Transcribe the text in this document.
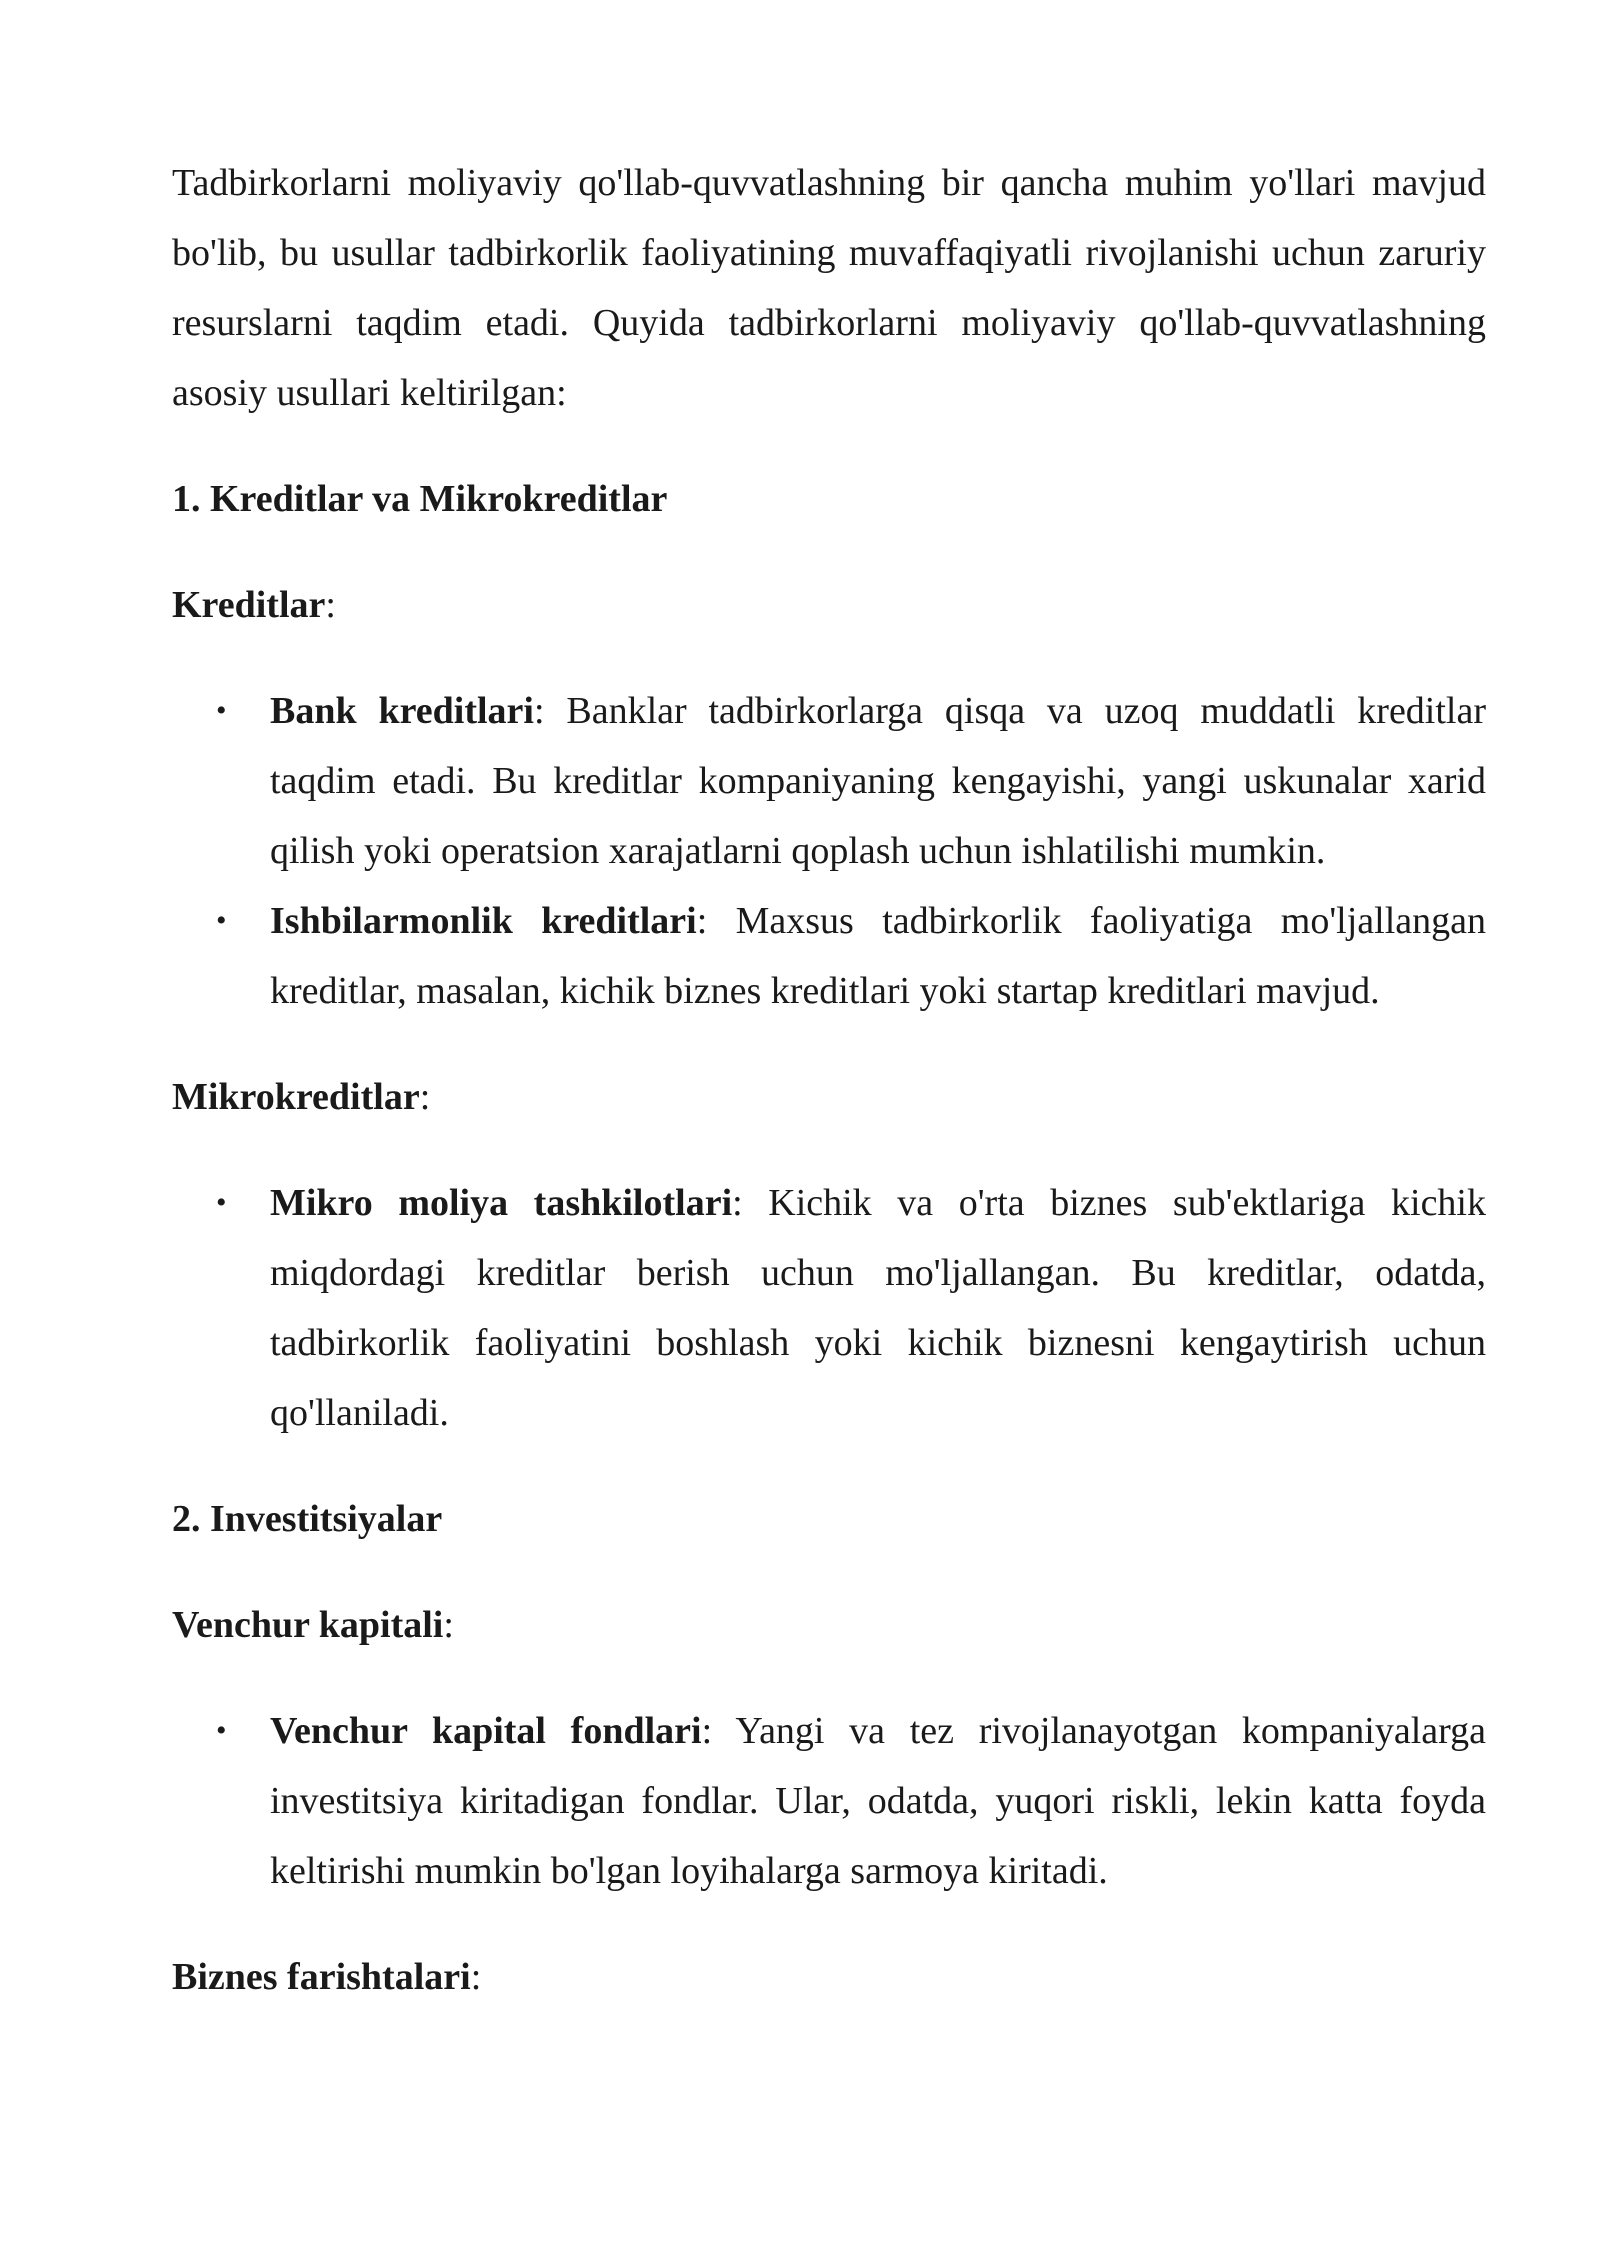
Tadbirkorlarni moliyaviy qo'llab-quvvatlashning bir qancha muhim yo'llari mavjud bo'lib, bu usullar tadbirkorlik faoliyatining muvaffaqiyatli rivojlanishi uchun zaruriy resurslarni taqdim etadi. Quyida tadbirkorlarni moliyaviy qo'llab-quvvatlashning asosiy usullari keltirilgan:

1. Kreditlar va Mikrokreditlar

Kreditlar:

• Bank kreditlari: Banklar tadbirkorlarga qisqa va uzoq muddatli kreditlar taqdim etadi. Bu kreditlar kompaniyaning kengayishi, yangi uskunalar xarid qilish yoki operatsion xarajatlarni qoplash uchun ishlatilishi mumkin.
• Ishbilarmonlik kreditlari: Maxsus tadbirkorlik faoliyatiga mo'ljallangan kreditlar, masalan, kichik biznes kreditlari yoki startap kreditlari mavjud.

Mikrokreditlar:

• Mikro moliya tashkilotlari: Kichik va o'rta biznes sub'ektlariga kichik miqdordagi kreditlar berish uchun mo'ljallangan. Bu kreditlar, odatda, tadbirkorlik faoliyatini boshlash yoki kichik biznesni kengaytirish uchun qo'llaniladi.

2. Investitsiyalar

Venchur kapitali:

• Venchur kapital fondlari: Yangi va tez rivojlanayotgan kompaniyalarga investitsiya kiritadigan fondlar. Ular, odatda, yuqori riskli, lekin katta foyda keltirishi mumkin bo'lgan loyihalarga sarmoya kiritadi.

Biznes farishtalari:
